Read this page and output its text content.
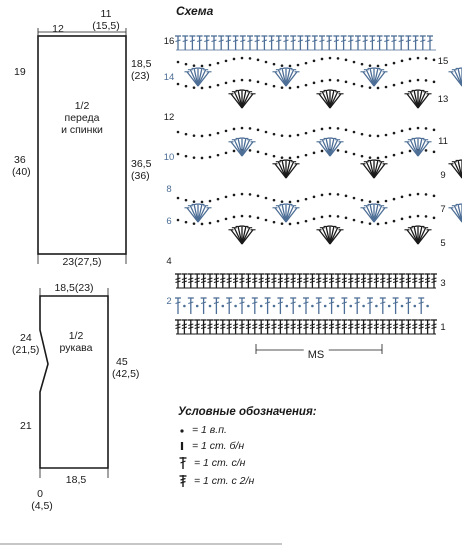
12
11
(15,5)
19
36
(40)
18,5
(23)
36,5
(36)
1/2
переда
и спинки
23(27,5)
18,5(23)
24
(21,5)
21
45
(42,5)
1/2
рукава
18,5
0
(4,5)
Схема
16
14
12
10
8
6
4
2
15
13
11
9
7
5
3
1
MS
Условные обозначения:
= 1 в.п.
= 1 ст. б/н
= 1 ст. с/н
= 1 ст. с 2/н
